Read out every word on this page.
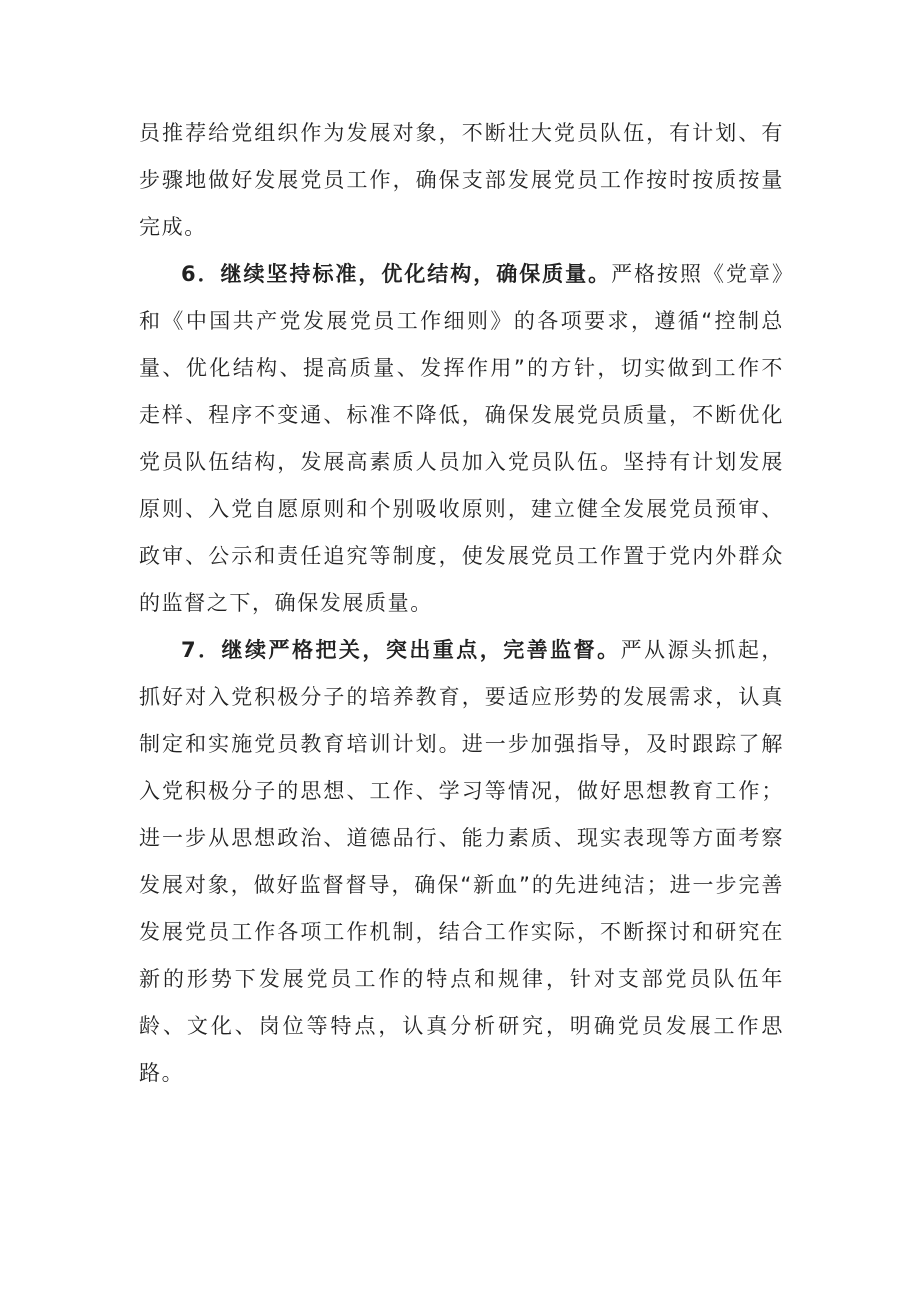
员推荐给党组织作为发展对象，不断壮大党员队伍，有计划、有步骤地做好发展党员工作，确保支部发展党员工作按时按质按量完成。

6．继续坚持标准，优化结构，确保质量。严格按照《党章》和《中国共产党发展党员工作细则》的各项要求，遵循“控制总量、优化结构、提高质量、发挥作用”的方针，切实做到工作不走样、程序不变通、标准不降低，确保发展党员质量，不断优化党员队伍结构，发展高素质人员加入党员队伍。坚持有计划发展原则、入党自愿原则和个别吸收原则，建立健全发展党员预审、政审、公示和责任追究等制度，使发展党员工作置于党内外群众的监督之下，确保发展质量。

7．继续严格把关，突出重点，完善监督。严从源头抓起，抓好对入党积极分子的培养教育，要适应形势的发展需求，认真制定和实施党员教育培训计划。进一步加强指导，及时跟踪了解入党积极分子的思想、工作、学习等情况，做好思想教育工作；进一步从思想政治、道德品行、能力素质、现实表现等方面考察发展对象，做好监督督导，确保“新血”的先进纯洁；进一步完善发展党员工作各项工作机制，结合工作实际，不断探讨和研究在新的形势下发展党员工作的特点和规律，针对支部党员队伍年龄、文化、岗位等特点，认真分析研究，明确党员发展工作思路。
